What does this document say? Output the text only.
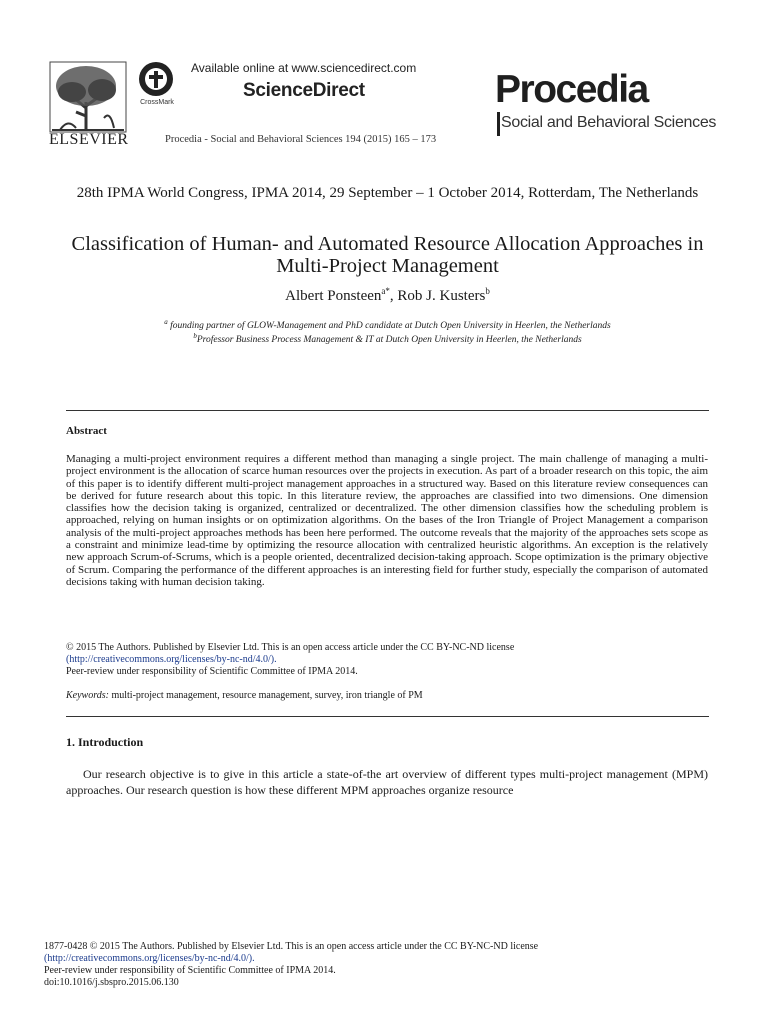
ELSEVIER
CrossMark
Available online at www.sciencedirect.com
ScienceDirect
Procedia - Social and Behavioral Sciences 194 (2015) 165 – 173
Procedia
Social and Behavioral Sciences
28th IPMA World Congress, IPMA 2014, 29 September – 1 October 2014, Rotterdam, The Netherlands
Classification of Human- and Automated Resource Allocation Approaches in Multi-Project Management
Albert Ponsteen$^{a*}$, Rob J. Kusters$^b$
$^a$ founding partner of GLOW-Management and PhD candidate at Dutch Open University in Heerlen, the Netherlands
$^b$Professor Business Process Management & IT at Dutch Open University in Heerlen, the Netherlands
Abstract
Managing a multi-project environment requires a different method than managing a single project. The main challenge of managing a multi-project environment is the allocation of scarce human resources over the projects in execution. As part of a broader research on this topic, the aim of this paper is to identify different multi-project management approaches in a structured way. Based on this literature review consequences can be derived for future research about this topic. In this literature review, the approaches are classified into two dimensions. One dimension classifies how the decision taking is organized, centralized or decentralized. The other dimension classifies how the scheduling problem is approached, relying on human insights or on optimization algorithms. On the bases of the Iron Triangle of Project Management a comparison analysis of the multi-project approaches methods has been here performed. The outcome reveals that the majority of the approaches sets scope as a constraint and minimize lead-time by optimizing the resource allocation with centralized heuristic algorithms. An exception is the relatively new approach Scrum-of-Scrums, which is a people oriented, decentralized decision-taking approach. Scope optimization is the primary objective of Scrum. Comparing the performance of the different approaches is an interesting field for further study, especially the comparison of automated decisions taking with human decision taking.
© 2015 The Authors. Published by Elsevier Ltd. This is an open access article under the CC BY-NC-ND license
(http://creativecommons.org/licenses/by-nc-nd/4.0/).
Peer-review under responsibility of Scientific Committee of IPMA 2014.
Keywords: multi-project management, resource management, survey, iron triangle of PM
1. Introduction
Our research objective is to give in this article a state-of-the art overview of different types multi-project management (MPM) approaches. Our research question is how these different MPM approaches organize resource
1877-0428 © 2015 The Authors. Published by Elsevier Ltd. This is an open access article under the CC BY-NC-ND license
(http://creativecommons.org/licenses/by-nc-nd/4.0/).
Peer-review under responsibility of Scientific Committee of IPMA 2014.
doi:10.1016/j.sbspro.2015.06.130
